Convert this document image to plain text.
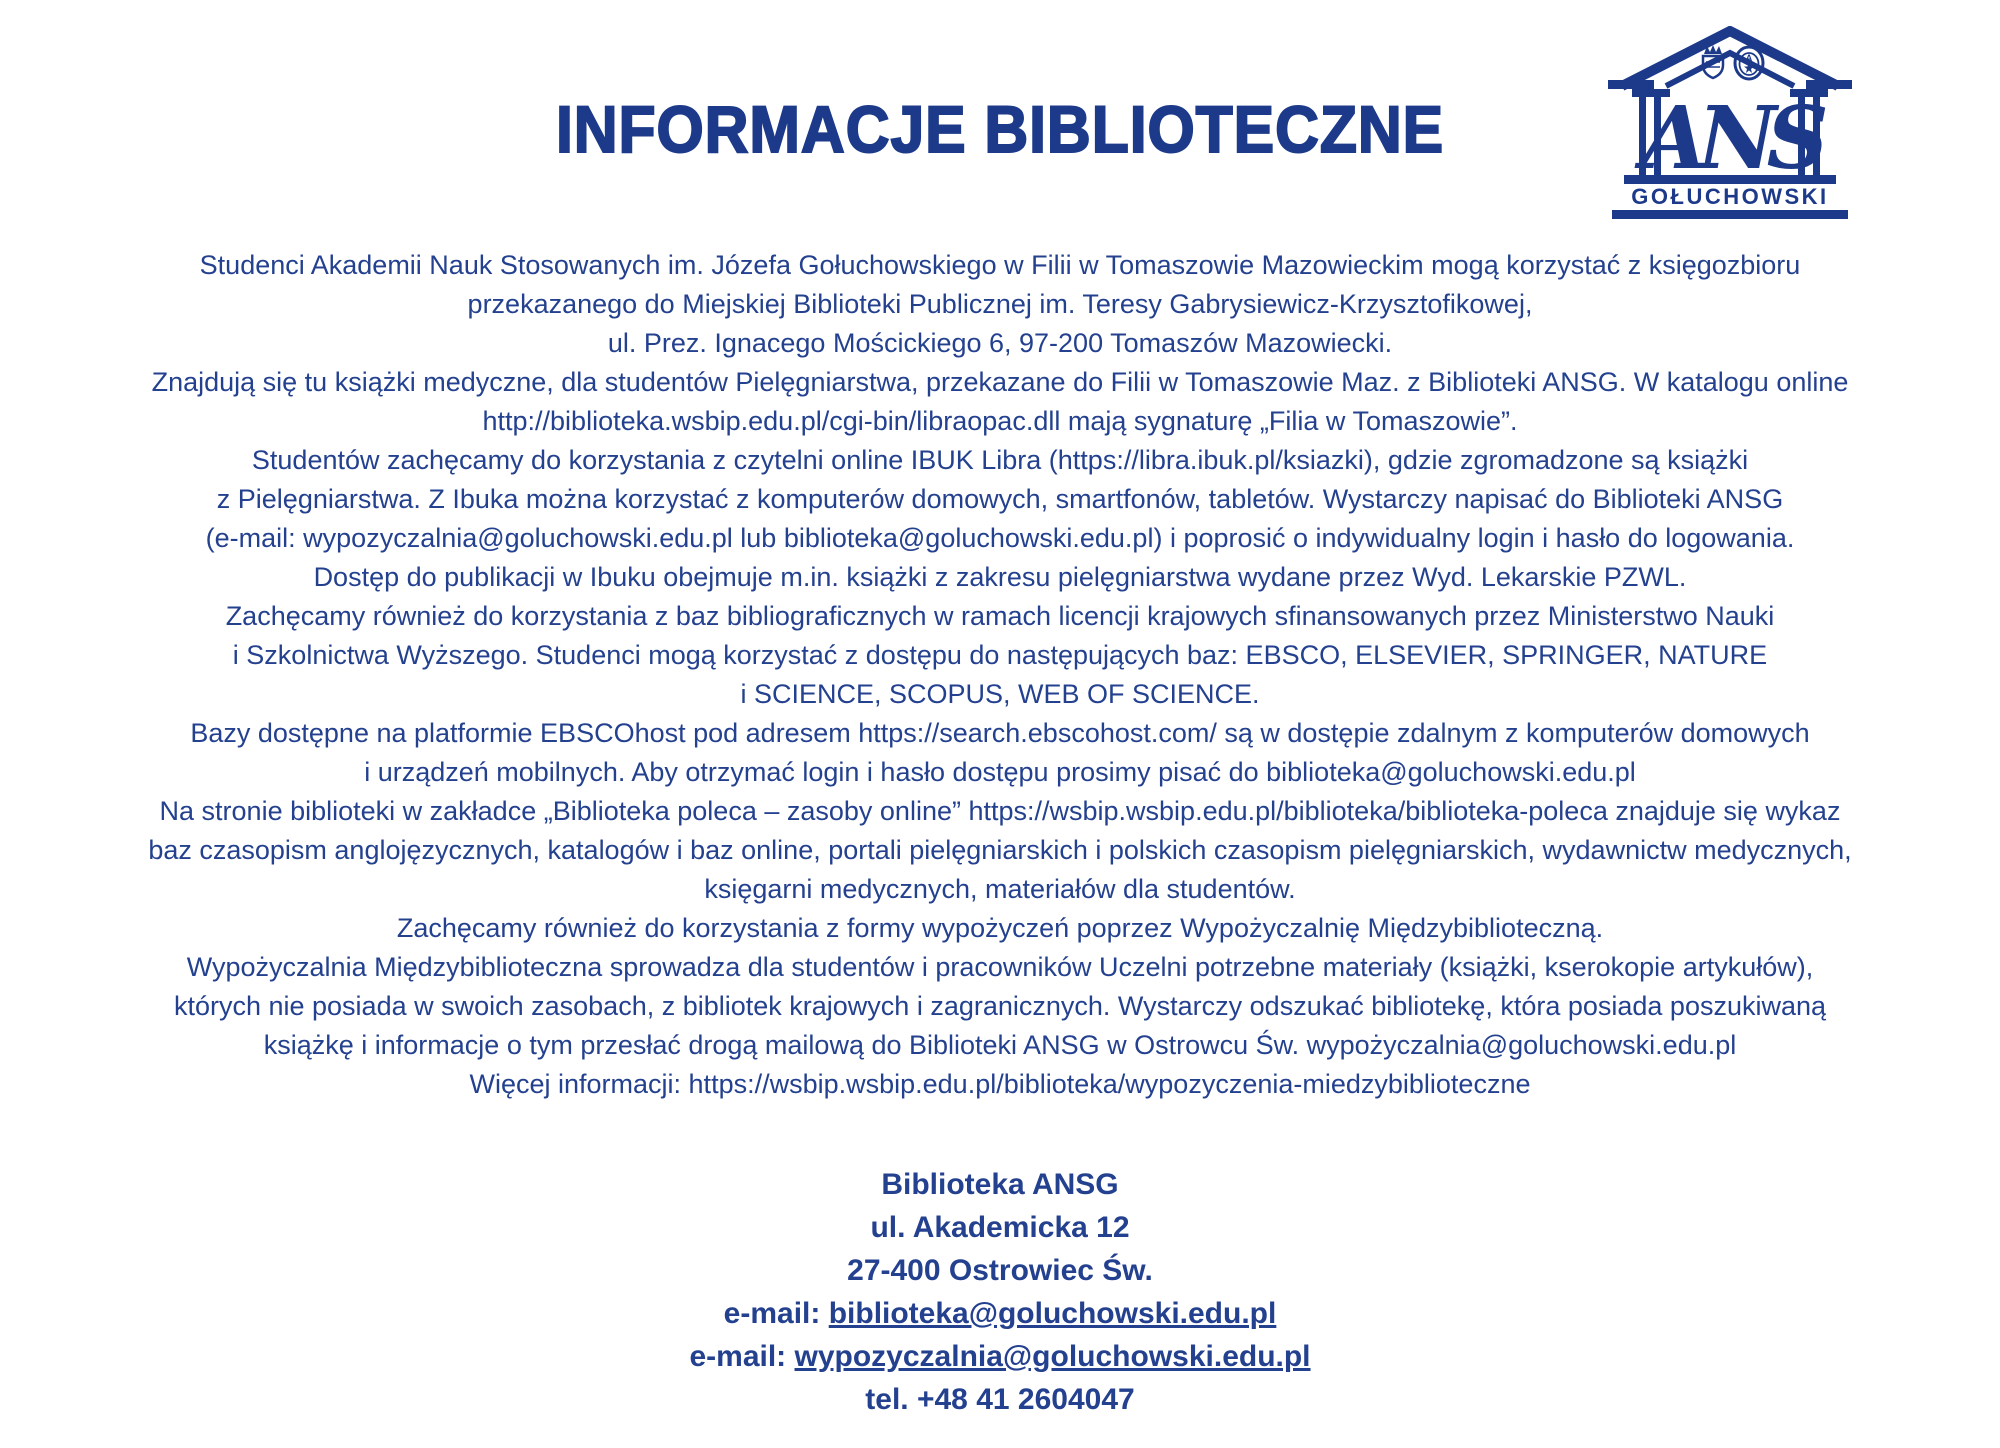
INFORMACJE BIBLIOTECZNE
A
ANS
GOŁUCHOWSKI
Studenci Akademii Nauk Stosowanych im. Józefa Gołuchowskiego w Filii w Tomaszowie Mazowieckim mogą korzystać z księgozbioru
przekazanego do Miejskiej Biblioteki Publicznej im. Teresy Gabrysiewicz-Krzysztofikowej,
ul. Prez. Ignacego Mościckiego 6, 97-200 Tomaszów Mazowiecki.
Znajdują się tu książki medyczne, dla studentów Pielęgniarstwa, przekazane do Filii w Tomaszowie Maz. z Biblioteki ANSG. W katalogu online
http://biblioteka.wsbip.edu.pl/cgi-bin/libraopac.dll mają sygnaturę „Filia w Tomaszowie”.
Studentów zachęcamy do korzystania z czytelni online IBUK Libra (https://libra.ibuk.pl/ksiazki), gdzie zgromadzone są książki
z Pielęgniarstwa. Z Ibuka można korzystać z komputerów domowych, smartfonów, tabletów. Wystarczy napisać do Biblioteki ANSG
(e-mail: wypozyczalnia@goluchowski.edu.pl lub biblioteka@goluchowski.edu.pl) i poprosić o indywidualny login i hasło do logowania.
Dostęp do publikacji w Ibuku obejmuje m.in. książki z zakresu pielęgniarstwa wydane przez Wyd. Lekarskie PZWL.
Zachęcamy również do korzystania z baz bibliograficznych w ramach licencji krajowych sfinansowanych przez Ministerstwo Nauki
i Szkolnictwa Wyższego. Studenci mogą korzystać z dostępu do następujących baz: EBSCO, ELSEVIER, SPRINGER, NATURE
i SCIENCE, SCOPUS, WEB OF SCIENCE.
Bazy dostępne na platformie EBSCOhost pod adresem https://search.ebscohost.com/ są w dostępie zdalnym z komputerów domowych
i urządzeń mobilnych. Aby otrzymać login i hasło dostępu prosimy pisać do biblioteka@goluchowski.edu.pl
Na stronie biblioteki w zakładce „Biblioteka poleca – zasoby online” https://wsbip.wsbip.edu.pl/biblioteka/biblioteka-poleca znajduje się wykaz
baz czasopism anglojęzycznych, katalogów i baz online, portali pielęgniarskich i polskich czasopism pielęgniarskich, wydawnictw medycznych,
księgarni medycznych, materiałów dla studentów.
Zachęcamy również do korzystania z formy wypożyczeń poprzez Wypożyczalnię Międzybiblioteczną.
Wypożyczalnia Międzybiblioteczna sprowadza dla studentów i pracowników Uczelni potrzebne materiały (książki, kserokopie artykułów),
których nie posiada w swoich zasobach, z bibliotek krajowych i zagranicznych. Wystarczy odszukać bibliotekę, która posiada poszukiwaną
książkę i informacje o tym przesłać drogą mailową do Biblioteki ANSG w Ostrowcu Św. wypożyczalnia@goluchowski.edu.pl
Więcej informacji: https://wsbip.wsbip.edu.pl/biblioteka/wypozyczenia-miedzybiblioteczne
Biblioteka ANSG
ul. Akademicka 12
27-400 Ostrowiec Św.
e-mail: biblioteka@goluchowski.edu.pl
e-mail: wypozyczalnia@goluchowski.edu.pl
tel. +48 41 2604047
